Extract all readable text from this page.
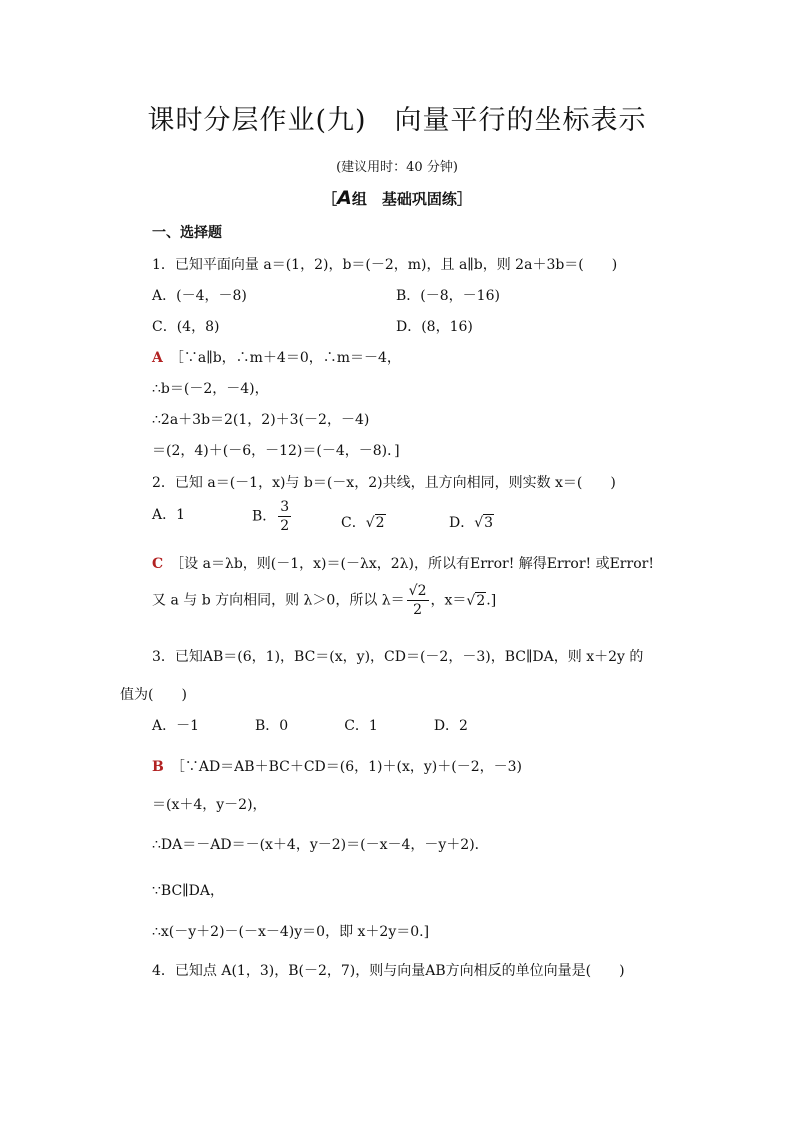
课时分层作业(九)　向量平行的坐标表示
(建议用时：40 分钟)
［A组　基础巩固练］
一、选择题
1．已知平面向量 a＝(1，2)，b＝(－2，m)，且 a∥b，则 2a＋3b＝(　　)
A．(－4，－8)	B．(－8，－16)
C．(4，8)	D．(8，16)
A　 ［∵a∥b，∴m＋4＝0，∴m＝－4，
∴b＝(－2，－4)，
∴2a＋3b＝2(1，2)＋3(－2，－4)
＝(2，4)＋(－6，－12)＝(－4，－8)．]
2．已知 a＝(－1，x)与 b＝(－x，2)共线，且方向相同，则实数 x＝(　　)
A．1	B． $\frac{3}{2}$	C．√2	D．√3
C　 ［设 a＝λb，则(－1，x)＝(－λx，2λ)，所以有Error! 解得Error! 或Error!
又 a 与 b 方向相同，则 λ＞0，所以 $\lambda= \frac{√2}{2}$ ，x＝√2.]
3．已知AB＝(6，1)，BC＝(x，y)，CD＝(－2，－3)，BC∥DA，则 x＋2y 的
值为(　　)
A．－1　　　　B．0　　　　C．1　　　　D．2
B　 ［∵AD＝AB＋BC＋CD＝(6，1)＋(x，y)＋(－2，－3)
＝(x＋4，y－2)，
∴DA＝－AD＝－(x＋4，y－2)＝(－x－4，－y＋2)．
∵BC∥DA，
∴x(－y＋2)－(－x－4)y＝0，即 x＋2y＝0.]
4．已知点 A(1，3)，B(－2，7)，则与向量AB方向相反的单位向量是(　　)
